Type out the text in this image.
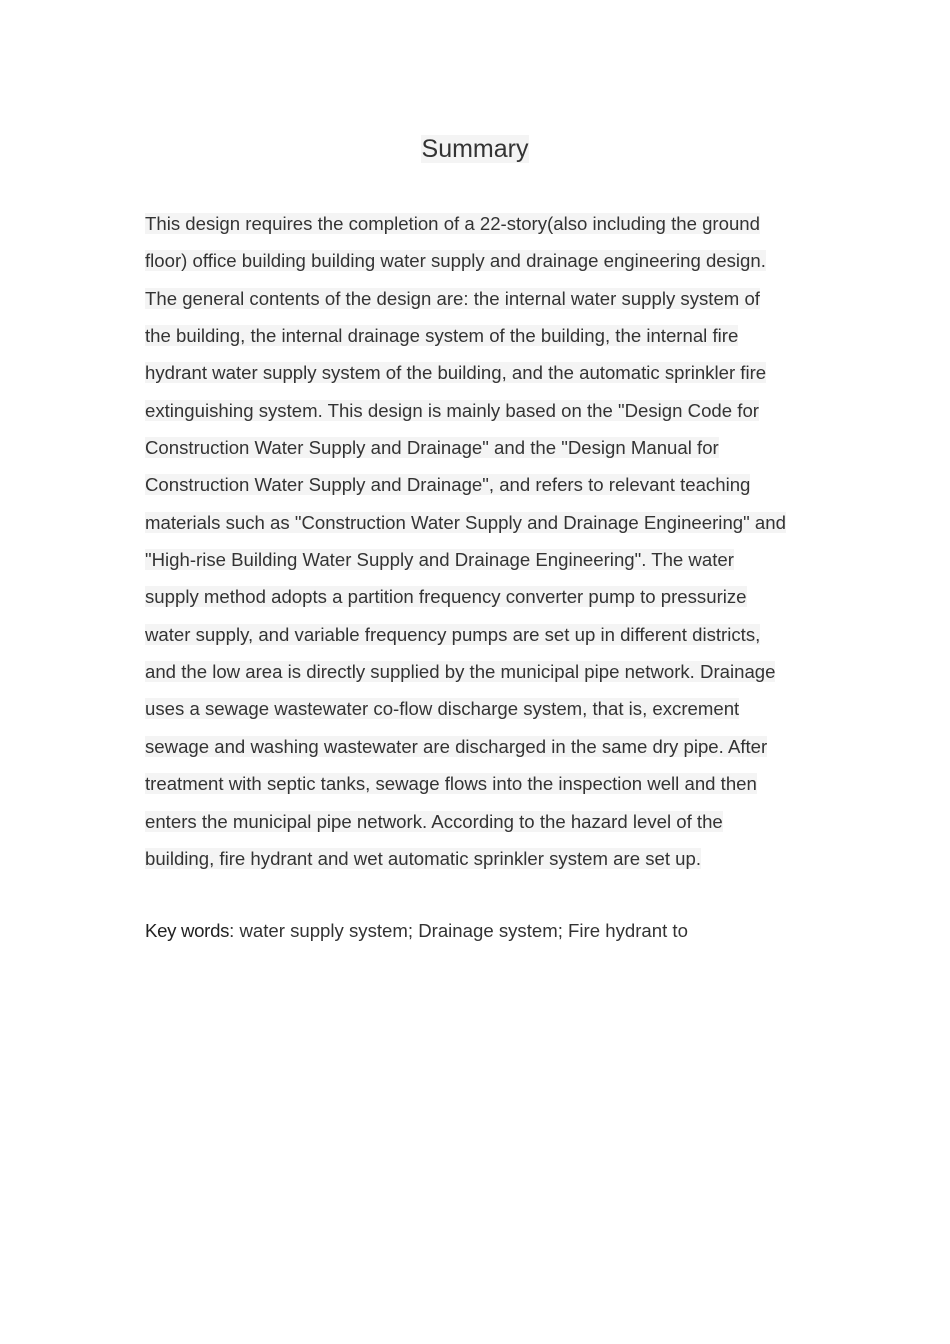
Summary
This design requires the completion of a 22-story(also including the ground
floor) office building building water supply and drainage engineering design.
The general contents of the design are: the internal water supply system of
the building, the internal drainage system of the building, the internal fire
hydrant water supply system of the building, and the automatic sprinkler fire
extinguishing system. This design is mainly based on the "Design Code for
Construction Water Supply and Drainage" and the "Design Manual for
Construction Water Supply and Drainage", and refers to relevant teaching
materials such as "Construction Water Supply and Drainage Engineering" and
"High-rise Building Water Supply and Drainage Engineering". The water
supply method adopts a partition frequency converter pump to pressurize
water supply, and variable frequency pumps are set up in different districts,
and the low area is directly supplied by the municipal pipe network. Drainage
uses a sewage wastewater co-flow discharge system, that is, excrement
sewage and washing wastewater are discharged in the same dry pipe. After
treatment with septic tanks, sewage flows into the inspection well and then
enters the municipal pipe network. According to the hazard level of the
building, fire hydrant and wet automatic sprinkler system are set up.

Key words: water supply system; Drainage system; Fire hydrant to
